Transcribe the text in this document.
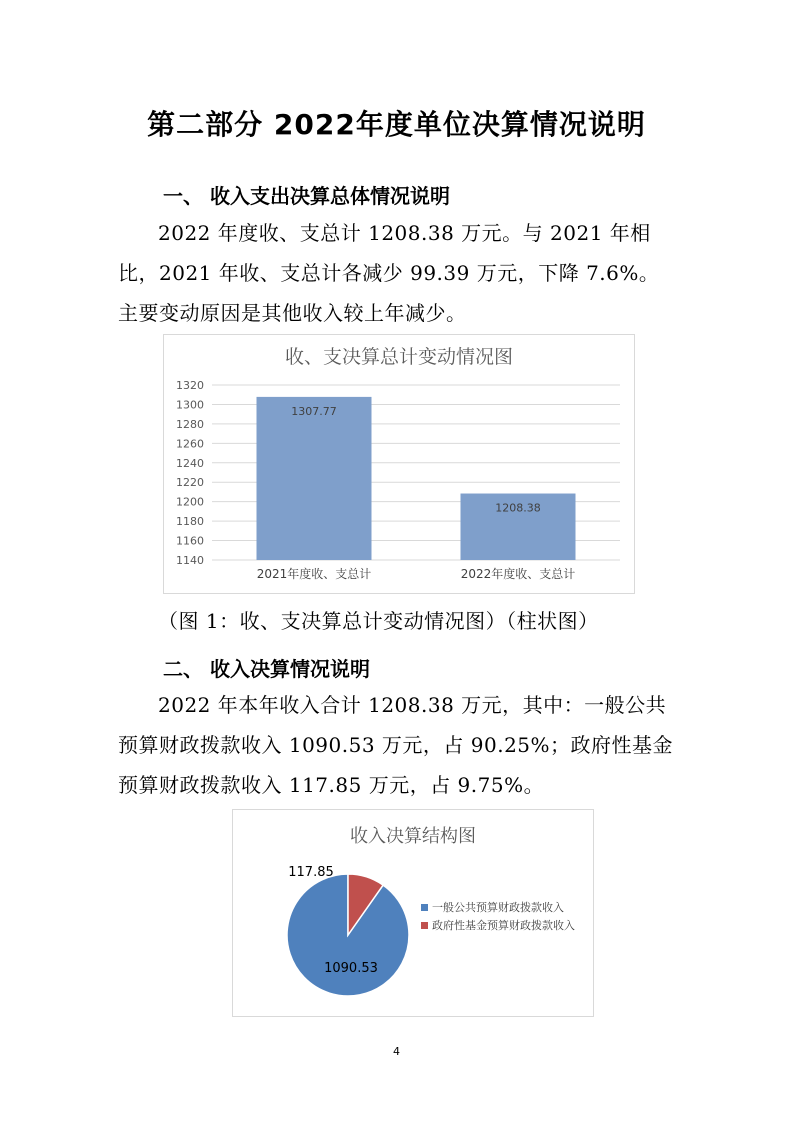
第二部分 2022年度单位决算情况说明
一、 收入支出决算总体情况说明
2022 年度收、支总计 1208.38 万元。与 2021 年相比，2021 年收、支总计各减少 99.39 万元，下降 7.6%。主要变动原因是其他收入较上年减少。
收、支决算总计变动情况图
1140
1160
1180
1200
1220
1240
1260
1280
1300
1320
1307.77
2021年度收、支总计
1208.38
2022年度收、支总计
（图 1：收、支决算总计变动情况图）（柱状图）
二、 收入决算情况说明
2022 年本年收入合计 1208.38 万元，其中：一般公共预算财政拨款收入 1090.53 万元，占 90.25%；政府性基金预算财政拨款收入 117.85 万元，占 9.75%。
收入决算结构图
1090.53
117.85
一般公共预算财政拨款收入
政府性基金预算财政拨款收入
4
